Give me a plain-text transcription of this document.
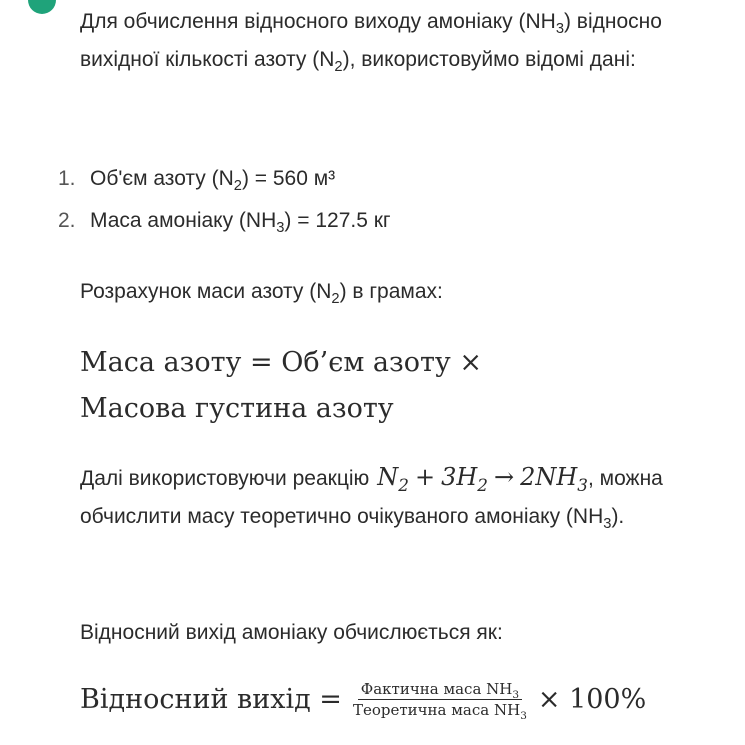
Для обчислення відносного виходу амоніаку $(NH_3)$ відносно вихідної кількості азоту $(N_2)$, використовуймо відомі дані:

1. Об'єм азоту $(N_2) = 560$ м³
2. Маса амоніаку $(NH_3) = 127.5$ кг

Розрахунок маси азоту $(N_2)$ в грамах:

Маса азоту = Об’єм азоту ×
Масова густина азоту

Далі використовуючи реакцію $N_2 + 3H_2 \to 2NH_3$, можна обчислити масу теоретично очікуваного амоніаку $(NH_3)$.

Відносний вихід амоніаку обчислюється як:

Відносний вихід = $\frac{Фактична маса NH_3}{Теоретична маса NH_3} \times 100\%$
